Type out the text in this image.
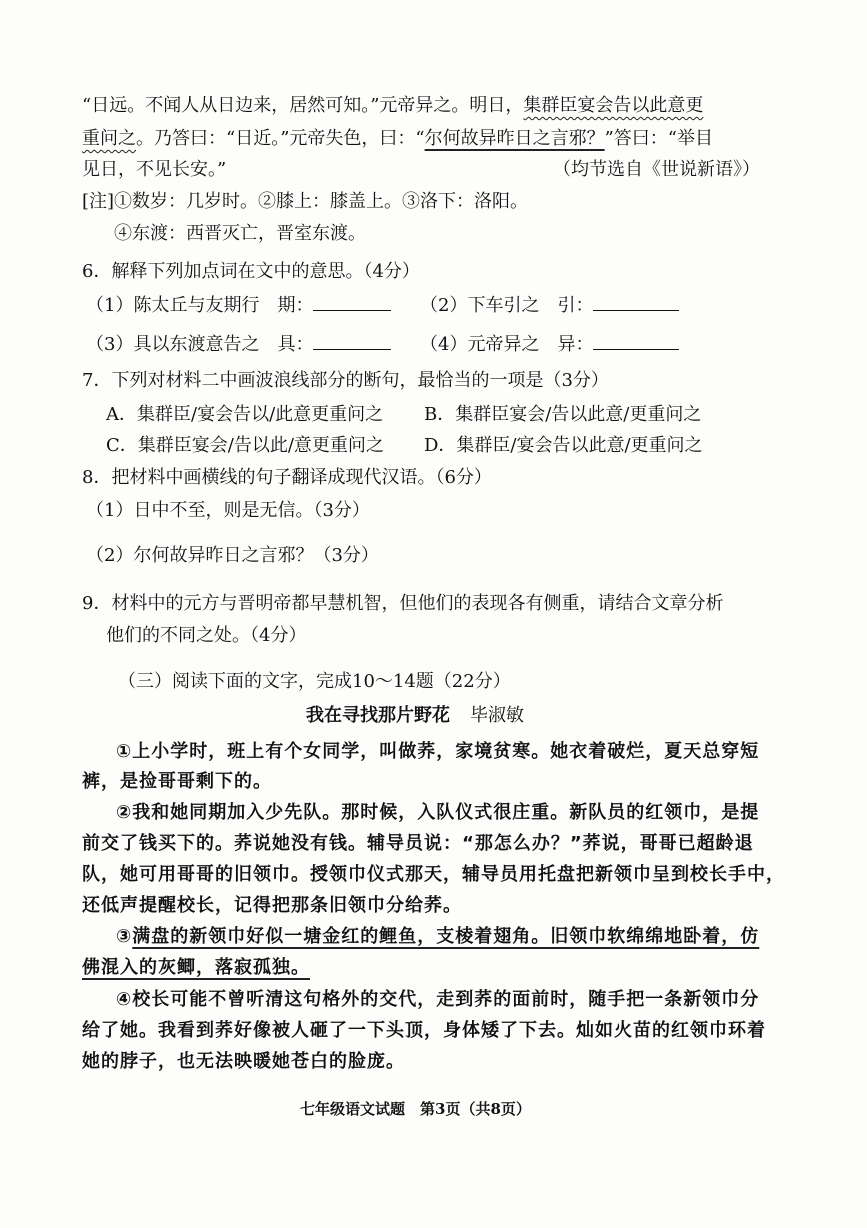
“日远。不闻人从日边来，居然可知。”元帝异之。明日，集群臣宴会告以此意更
重问之。乃答曰：“日近。”元帝失色，曰：“尔何故异昨日之言邪？”答曰：“举目
见日，不见长安。”	（均节选自《世说新语》）
[注]①数岁：几岁时。②膝上：膝盖上。③洛下：洛阳。
④东渡：西晋灭亡，晋室东渡。
6．解释下列加点词在文中的意思。（4分）
（1）陈太丘与友期行　 期：	（2）下车引之　 引：
（3）具以东渡意告之　 具：	（4）元帝异之　 异：
7．下列对材料二中画波浪线部分的断句，最恰当的一项是（3分）
A．集群臣/宴会告以/此意更重问之 B．集群臣宴会/告以此意/更重问之
C．集群臣宴会/告以此/意更重问之 D．集群臣/宴会告以此意/更重问之
8．把材料中画横线的句子翻译成现代汉语。（6分）
（1）日中不至，则是无信。（3分）
（2）尔何故异昨日之言邪？（3分）
9．材料中的元方与晋明帝都早慧机智，但他们的表现各有侧重，请结合文章分析
他们的不同之处。（4分）
（三）阅读下面的文字，完成10～14题（22分）
我在寻找那片野花 毕淑敏
①上小学时，班上有个女同学，叫做荞，家境贫寒。她衣着破烂，夏天总穿短
裤，是捡哥哥剩下的。
②我和她同期加入少先队。那时候，入队仪式很庄重。新队员的红领巾，是提
前交了钱买下的。荞说她没有钱。辅导员说：“那怎么办？”荞说，哥哥已超龄退
队，她可用哥哥的旧领巾。授领巾仪式那天，辅导员用托盘把新领巾呈到校长手中，
还低声提醒校长，记得把那条旧领巾分给荞。
③满盘的新领巾好似一塘金红的鲤鱼，支棱着翅角。旧领巾软绵绵地卧着，仿
佛混入的灰鲫，落寂孤独。
④校长可能不曾听清这句格外的交代，走到荞的面前时，随手把一条新领巾分
给了她。我看到荞好像被人砸了一下头顶，身体矮了下去。灿如火苗的红领巾环着
她的脖子，也无法映暖她苍白的脸庞。
七年级语文试题　第3页（共8页）
